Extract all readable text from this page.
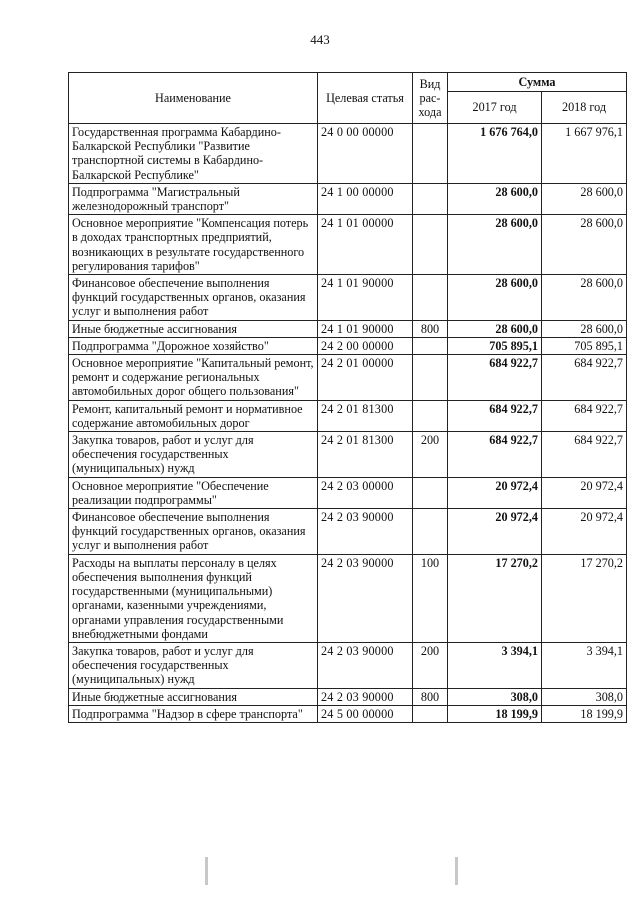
443
Наименование	Целевая статья	Вид рас-хода	Сумма	
			2017 год	2018 год
Государственная программа Кабардино-Балкарской Республики "Развитие транспортной системы в Кабардино-Балкарской Республике"	24 0 00 00000		1 676 764,0	1 667 976,1
Подпрограмма "Магистральный железнодорожный транспорт"	24 1 00 00000		28 600,0	28 600,0
Основное мероприятие "Компенсация потерь в доходах транспортных предприятий, возникающих в результате государственного регулирования тарифов"	24 1 01 00000		28 600,0	28 600,0
Финансовое обеспечение выполнения функций государственных органов, оказания услуг и выполнения работ	24 1 01 90000		28 600,0	28 600,0
Иные бюджетные ассигнования	24 1 01 90000	800	28 600,0	28 600,0
Подпрограмма "Дорожное хозяйство"	24 2 00 00000		705 895,1	705 895,1
Основное мероприятие "Капитальный ремонт, ремонт и содержание региональных автомобильных дорог общего пользования"	24 2 01 00000		684 922,7	684 922,7
Ремонт, капитальный ремонт и нормативное содержание автомобильных дорог	24 2 01 81300		684 922,7	684 922,7
Закупка товаров, работ и услуг для обеспечения государственных (муниципальных) нужд	24 2 01 81300	200	684 922,7	684 922,7
Основное мероприятие "Обеспечение реализации подпрограммы"	24 2 03 00000		20 972,4	20 972,4
Финансовое обеспечение выполнения функций государственных органов, оказания услуг и выполнения работ	24 2 03 90000		20 972,4	20 972,4
Расходы на выплаты персоналу в целях обеспечения выполнения функций государственными (муниципальными) органами, казенными учреждениями, органами управления государственными внебюджетными фондами	24 2 03 90000	100	17 270,2	17 270,2
Закупка товаров, работ и услуг для обеспечения государственных (муниципальных) нужд	24 2 03 90000	200	3 394,1	3 394,1
Иные бюджетные ассигнования	24 2 03 90000	800	308,0	308,0
Подпрограмма "Надзор в сфере транспорта"	24 5 00 00000		18 199,9	18 199,9
